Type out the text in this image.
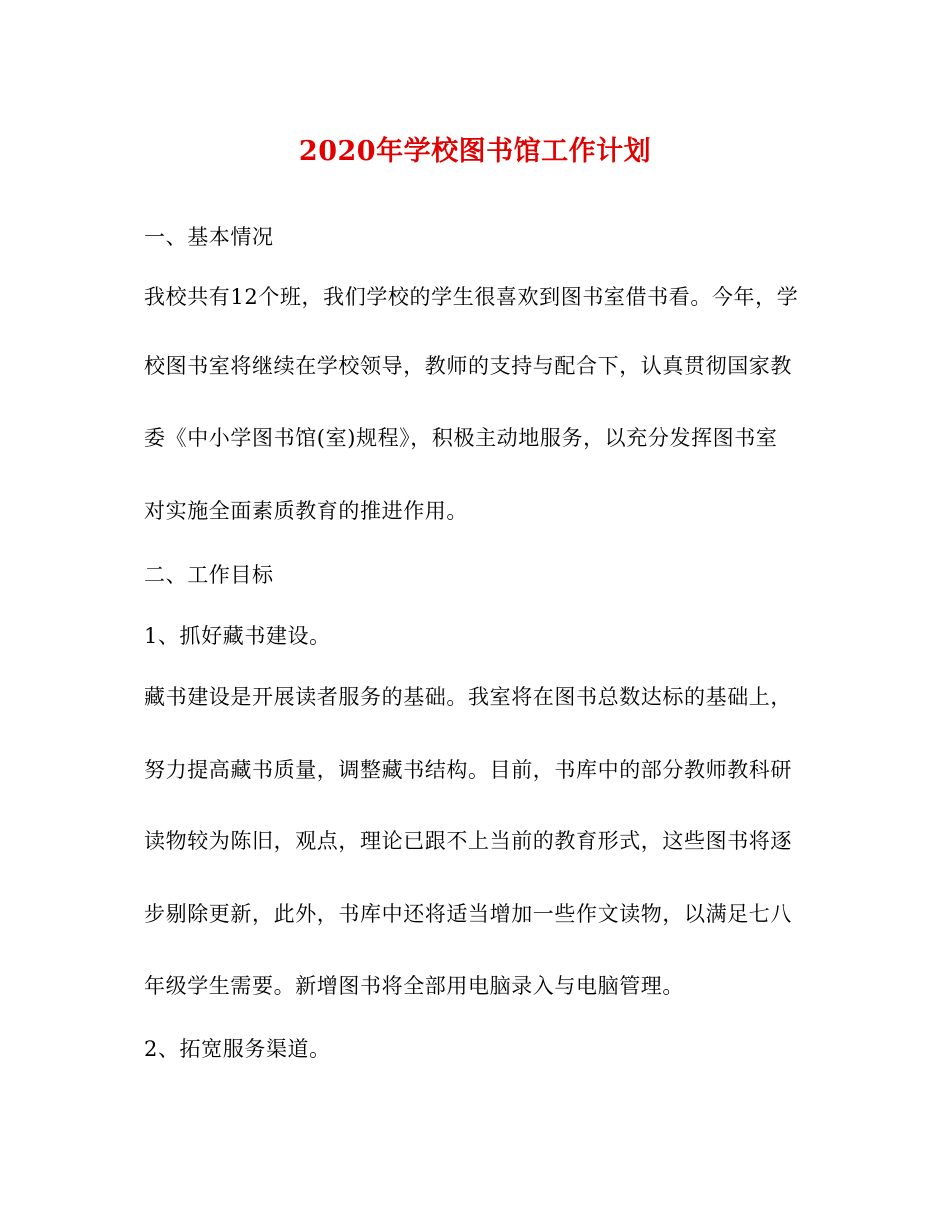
2020年学校图书馆工作计划
一、基本情况
我校共有12个班，我们学校的学生很喜欢到图书室借书看。今年，学
校图书室将继续在学校领导，教师的支持与配合下，认真贯彻国家教
委《中小学图书馆(室)规程》，积极主动地服务，以充分发挥图书室
对实施全面素质教育的推进作用。
二、工作目标
1、抓好藏书建设。
藏书建设是开展读者服务的基础。我室将在图书总数达标的基础上，
努力提高藏书质量，调整藏书结构。目前，书库中的部分教师教科研
读物较为陈旧，观点，理论已跟不上当前的教育形式，这些图书将逐
步剔除更新，此外，书库中还将适当增加一些作文读物，以满足七八
年级学生需要。新增图书将全部用电脑录入与电脑管理。
2、拓宽服务渠道。
